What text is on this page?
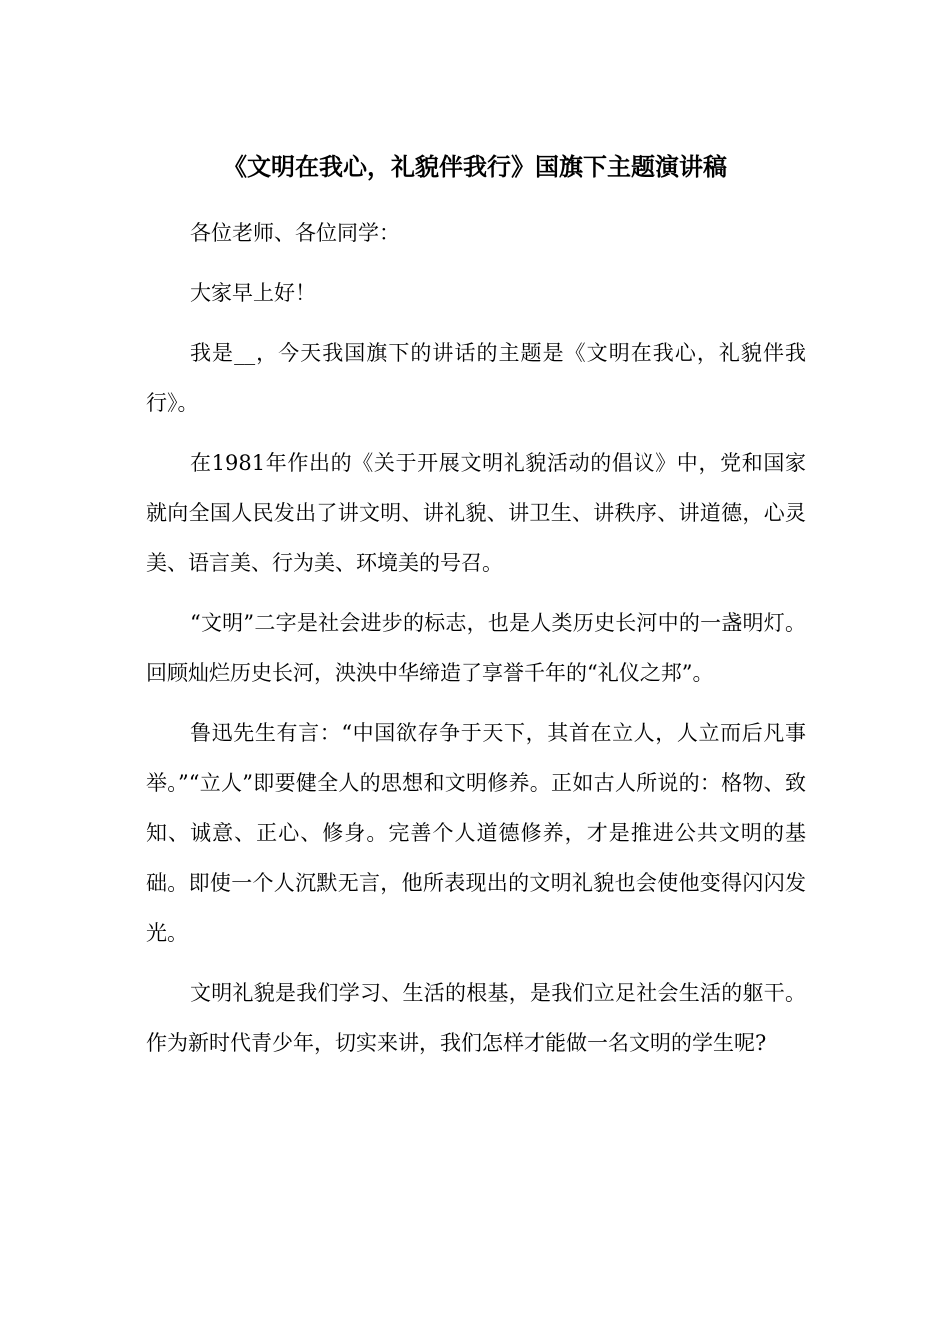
《文明在我心，礼貌伴我行》国旗下主题演讲稿

各位老师、各位同学：

大家早上好！

我是__，今天我国旗下的讲话的主题是《文明在我心，礼貌伴我行》。

在1981年作出的《关于开展文明礼貌活动的倡议》中，党和国家就向全国人民发出了讲文明、讲礼貌、讲卫生、讲秩序、讲道德，心灵美、语言美、行为美、环境美的号召。

“文明”二字是社会进步的标志，也是人类历史长河中的一盏明灯。回顾灿烂历史长河，泱泱中华缔造了享誉千年的“礼仪之邦”。

鲁迅先生有言：“中国欲存争于天下，其首在立人，人立而后凡事举。”“立人”即要健全人的思想和文明修养。正如古人所说的：格物、致知、诚意、正心、修身。完善个人道德修养，才是推进公共文明的基础。即使一个人沉默无言，他所表现出的文明礼貌也会使他变得闪闪发光。

文明礼貌是我们学习、生活的根基，是我们立足社会生活的躯干。作为新时代青少年，切实来讲，我们怎样才能做一名文明的学生呢?
